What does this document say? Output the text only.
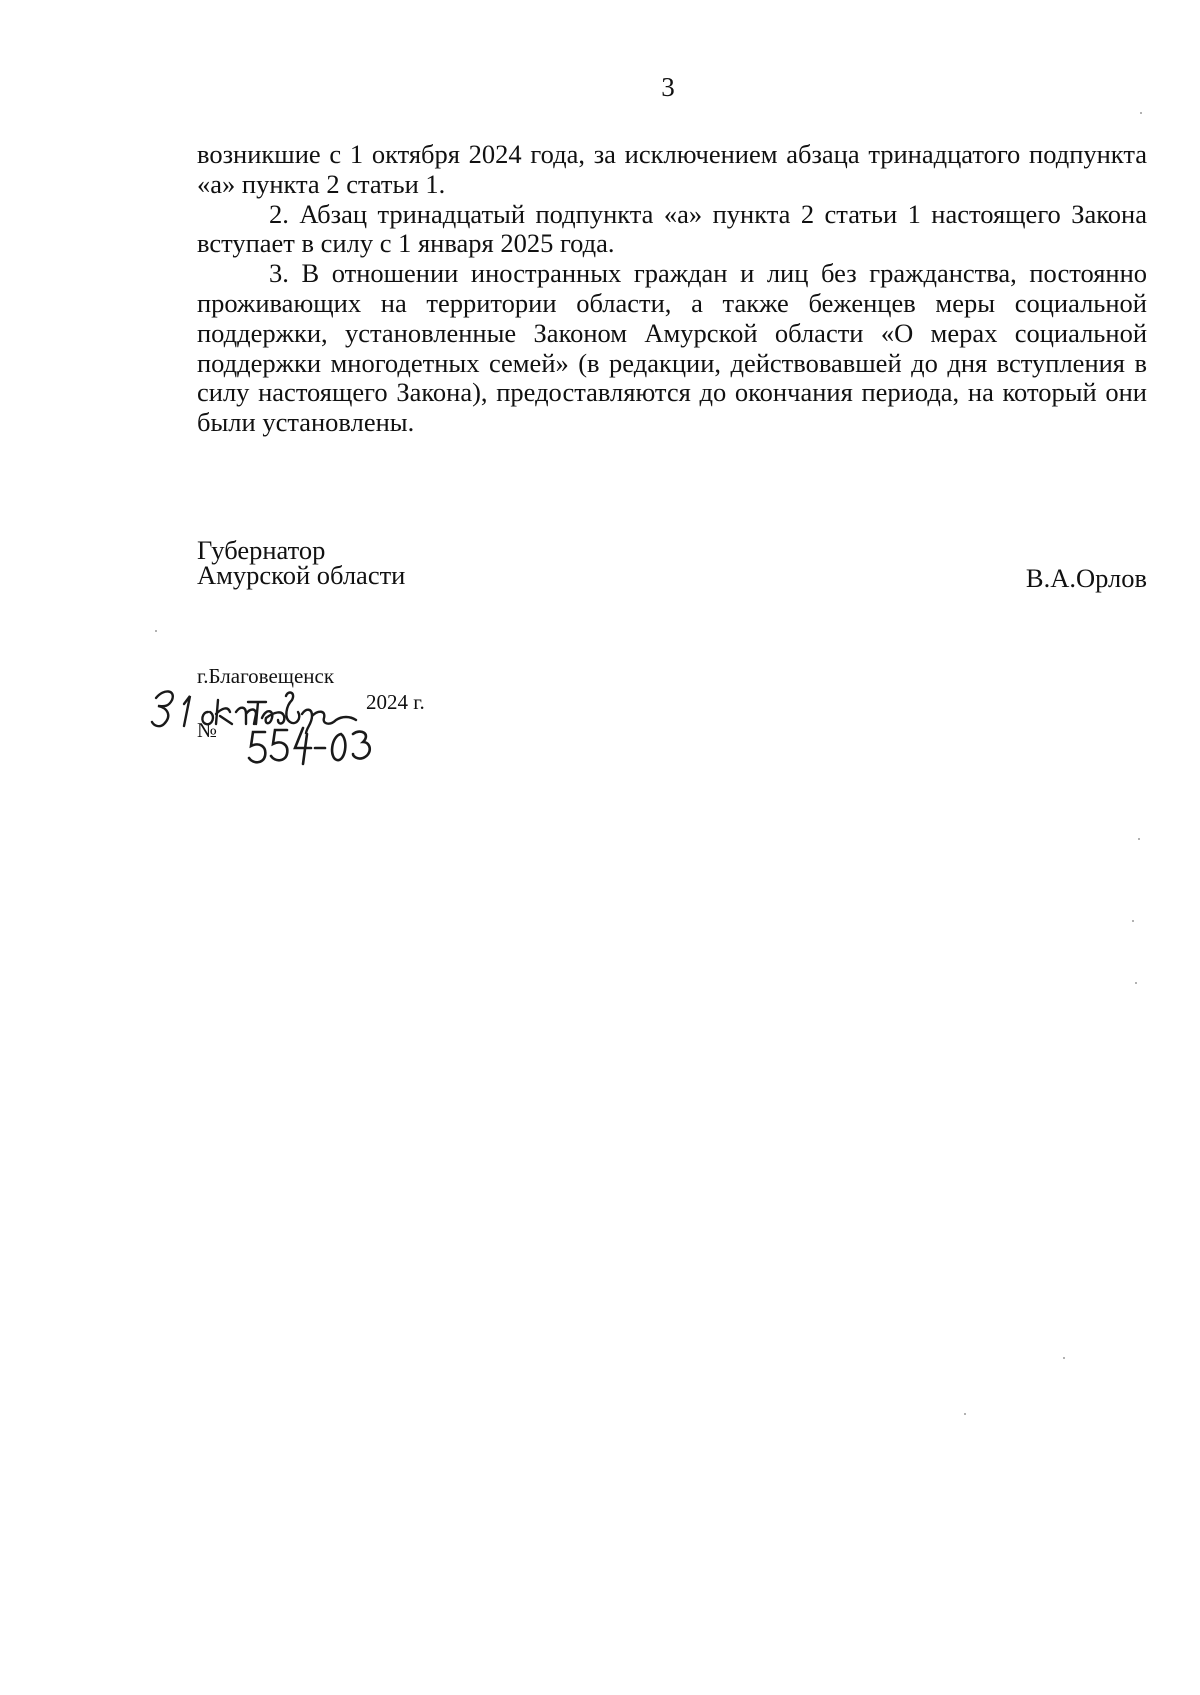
3

возникшие с 1 октября 2024 года, за исключением абзаца тринадцатого подпункта «а» пункта 2 статьи 1.

2. Абзац тринадцатый подпункта «а» пункта 2 статьи 1 настоящего Закона вступает в силу с 1 января 2025 года.

3. В отношении иностранных граждан и лиц без гражданства, постоянно проживающих на территории области, а также беженцев меры социальной поддержки, установленные Законом Амурской области «О мерах социальной поддержки многодетных семей» (в редакции, действовавшей до дня вступления в силу настоящего Закона), предоставляются до окончания периода, на который они были установлены.

Губернатор
Амурской области	В.А.Орлов
г.Благовещенск
2024 г.
№
